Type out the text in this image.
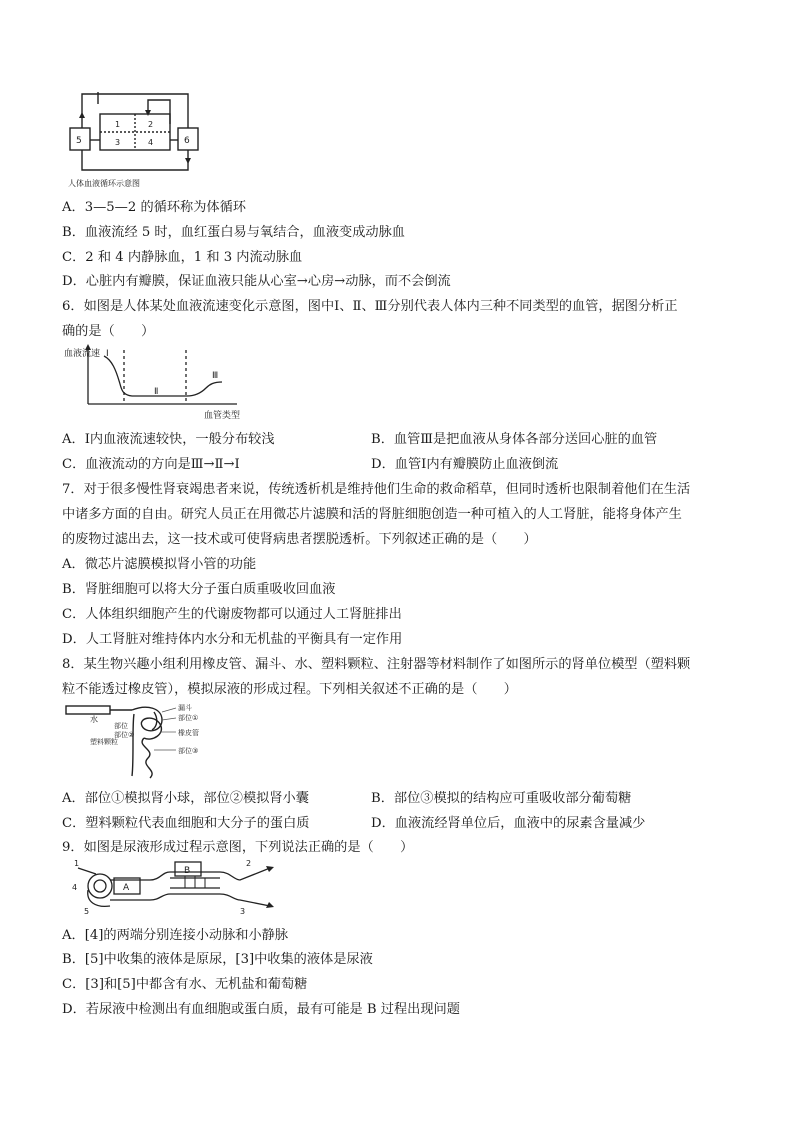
5	6
1	2
3	4
人体血液循环示意图
A．3—5—2 的循环称为体循环
B．血液流经 5 时，血红蛋白易与氧结合，血液变成动脉血
C．2 和 4 内静脉血，1 和 3 内流动脉血
D．心脏内有瓣膜，保证血液只能从心室→心房→动脉，而不会倒流
6．如图是人体某处血液流速变化示意图，图中Ⅰ、Ⅱ、Ⅲ分别代表人体内三种不同类型的血管，据图分析正
确的是（　　）
血液流速 Ⅰ
Ⅱ
Ⅲ
血管类型
A．Ⅰ内血液流速较快，一般分布较浅	B．血管Ⅲ是把血液从身体各部分送回心脏的血管
C．血液流动的方向是Ⅲ→Ⅱ→Ⅰ	D．血管Ⅰ内有瓣膜防止血液倒流
7．对于很多慢性肾衰竭患者来说，传统透析机是维持他们生命的救命稻草，但同时透析也限制着他们在生活
中诸多方面的自由。研究人员正在用微芯片滤膜和活的肾脏细胞创造一种可植入的人工肾脏，能将身体产生
的废物过滤出去，这一技术或可使肾病患者摆脱透析。下列叙述正确的是（　　）
A．微芯片滤膜模拟肾小管的功能
B．肾脏细胞可以将大分子蛋白质重吸收回血液
C．人体组织细胞产生的代谢废物都可以通过人工肾脏排出
D．人工肾脏对维持体内水分和无机盐的平衡具有一定作用
8．某生物兴趣小组利用橡皮管、漏斗、水、塑料颗粒、注射器等材料制作了如图所示的肾单位模型（塑料颗
粒不能透过橡皮管），模拟尿液的形成过程。下列相关叙述不正确的是（　　）
水
漏斗
部位
部位①
部位②
塑料颗粒
橡皮管
部位③
A．部位①模拟肾小球，部位②模拟肾小囊	B．部位③模拟的结构应可重吸收部分葡萄糖
C．塑料颗粒代表血细胞和大分子的蛋白质	D．血液流经肾单位后，血液中的尿素含量减少
9．如图是尿液形成过程示意图，下列说法正确的是（　　）
1	2
3
4
5
A
B
A．[4]的两端分别连接小动脉和小静脉
B．[5]中收集的液体是原尿，[3]中收集的液体是尿液
C．[3]和[5]中都含有水、无机盐和葡萄糖
D．若尿液中检测出有血细胞或蛋白质，最有可能是 B 过程出现问题
